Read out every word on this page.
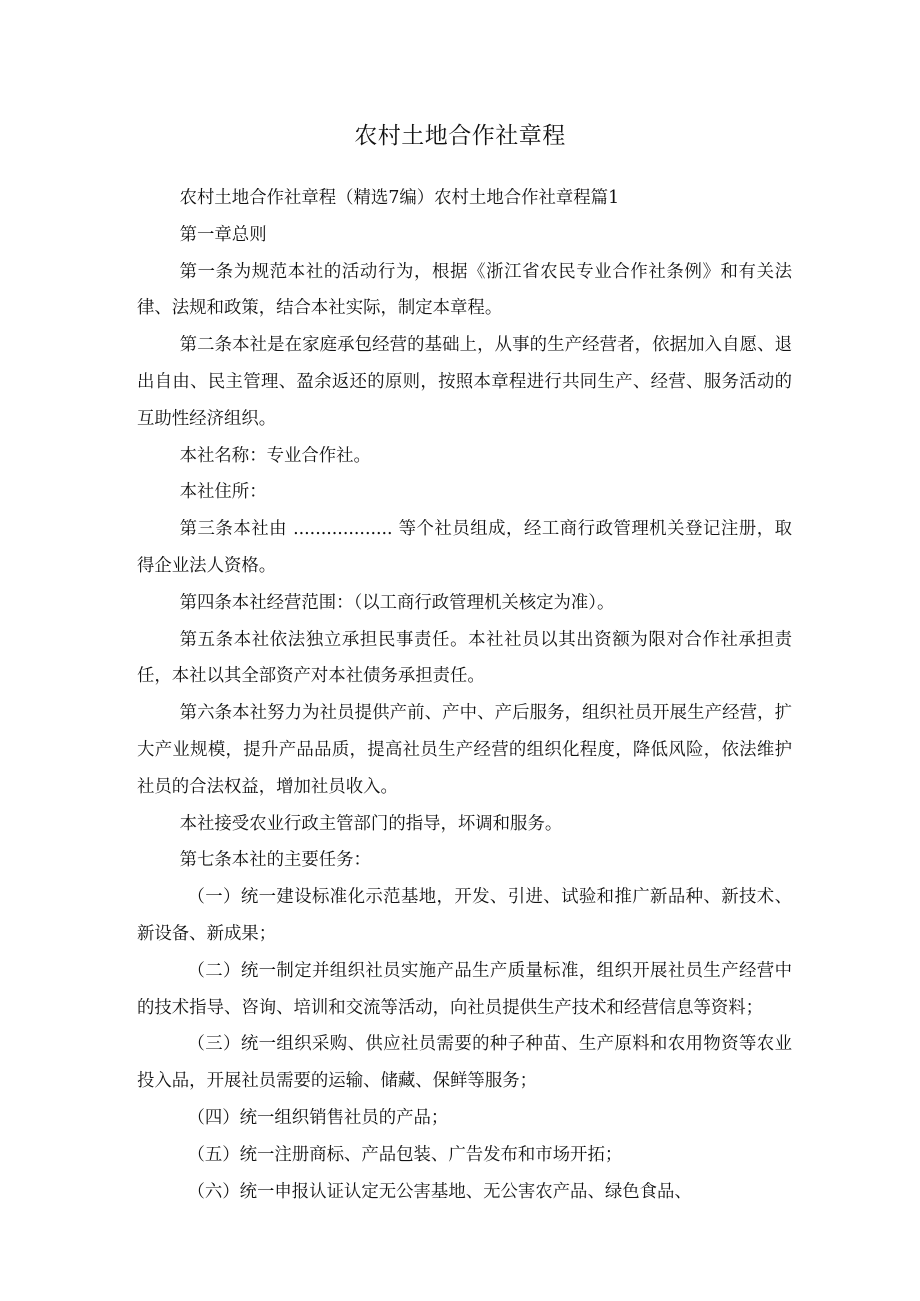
农村土地合作社章程

农村土地合作社章程（精选7编）农村土地合作社章程篇1

第一章总则

第一条为规范本社的活动行为，根据《浙江省农民专业合作社条例》和有关法律、法规和政策，结合本社实际，制定本章程。

第二条本社是在家庭承包经营的基础上，从事的生产经营者，依据加入自愿、退出自由、民主管理、盈余返还的原则，按照本章程进行共同生产、经营、服务活动的互助性经济组织。

本社名称：专业合作社。

本社住所：

第三条本社由 .................. 等个社员组成，经工商行政管理机关登记注册，取得企业法人资格。

第四条本社经营范围：（以工商行政管理机关核定为准）。

第五条本社依法独立承担民事责任。本社社员以其出资额为限对合作社承担责任，本社以其全部资产对本社债务承担责任。

第六条本社努力为社员提供产前、产中、产后服务，组织社员开展生产经营，扩大产业规模，提升产品品质，提高社员生产经营的组织化程度，降低风险，依法维护社员的合法权益，增加社员收入。

本社接受农业行政主管部门的指导，坏调和服务。

第七条本社的主要任务：

（一）统一建设标准化示范基地，开发、引进、试验和推广新品种、新技术、新设备、新成果；

（二）统一制定并组织社员实施产品生产质量标准，组织开展社员生产经营中的技术指导、咨询、培训和交流等活动，向社员提供生产技术和经营信息等资料；

（三）统一组织采购、供应社员需要的种子种苗、生产原料和农用物资等农业投入品，开展社员需要的运输、储藏、保鲜等服务；

（四）统一组织销售社员的产品；

（五）统一注册商标、产品包装、广告发布和市场开拓；

（六）统一申报认证认定无公害基地、无公害农产品、绿色食品、
